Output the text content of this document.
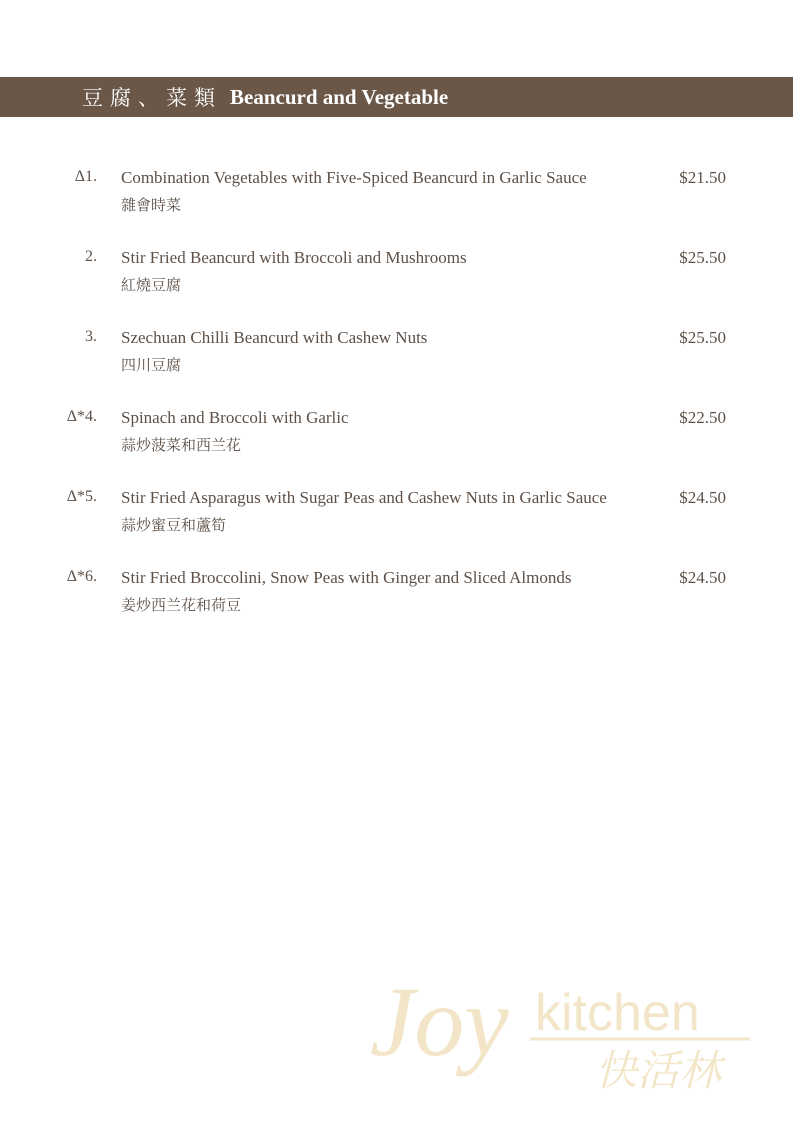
豆腐、菜類 Beancurd and Vegetable
Δ1. Combination Vegetables with Five-Spiced Beancurd in Garlic Sauce
雜會時菜
$21.50
2. Stir Fried Beancurd with Broccoli and Mushrooms
紅燒豆腐
$25.50
3. Szechuan Chilli Beancurd with Cashew Nuts
四川豆腐
$25.50
Δ*4. Spinach and Broccoli with Garlic
蒜炒菠菜和西兰花
$22.50
Δ*5. Stir Fried Asparagus with Sugar Peas and Cashew Nuts in Garlic Sauce
蒜炒蜜豆和蘆筍
$24.50
Δ*6. Stir Fried Broccolini, Snow Peas with Ginger and Sliced Almonds
姜炒西兰花和荷豆
$24.50
Joy kitchen
快活林
